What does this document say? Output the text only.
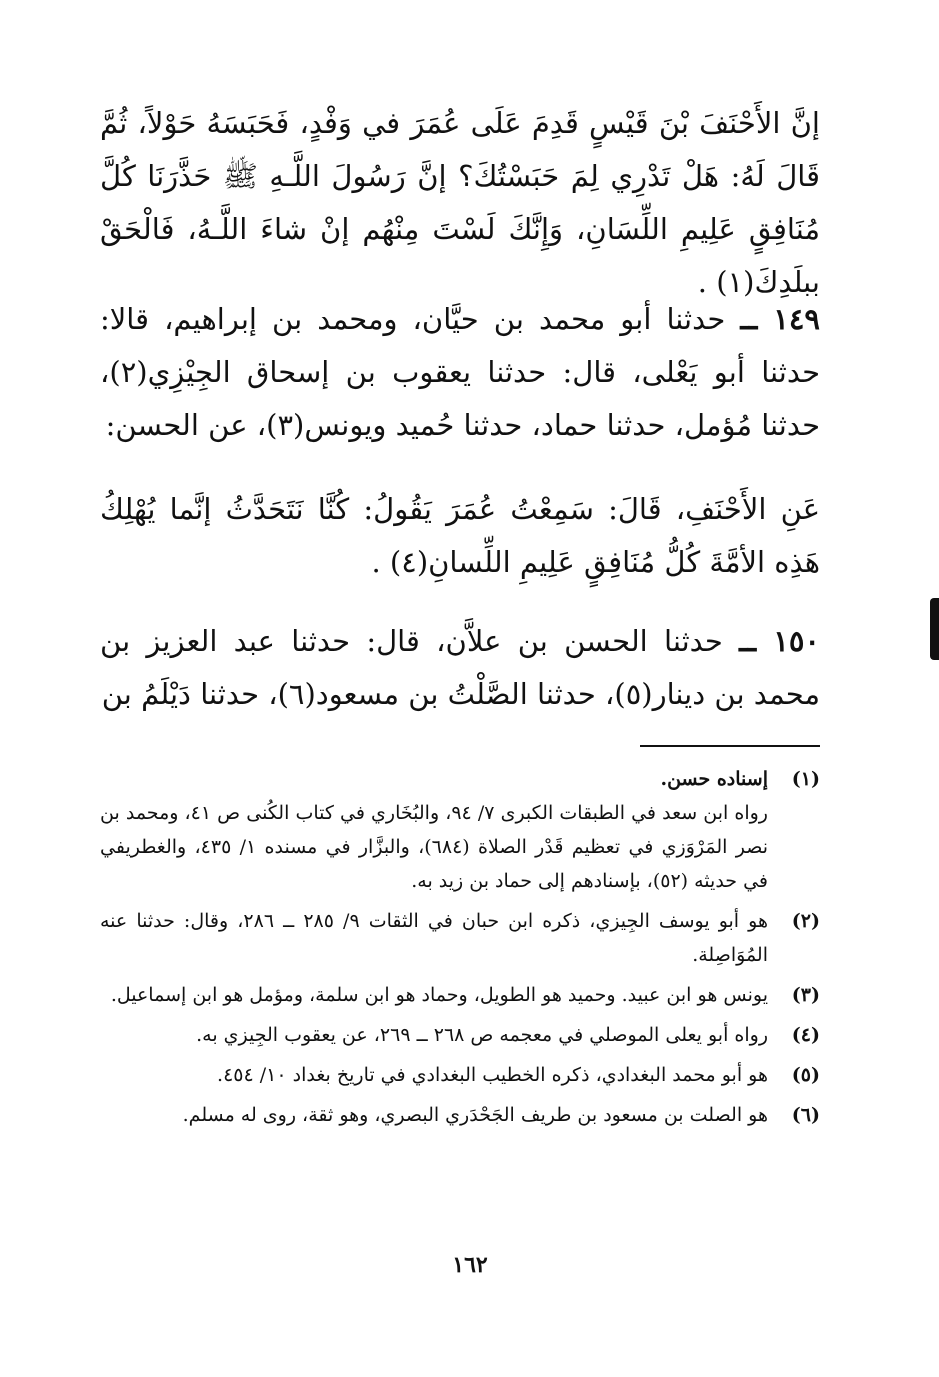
إنَّ الأَحْنَفَ بْنَ قَيْسٍ قَدِمَ عَلَى عُمَرَ في وَفْدٍ، فَحَبَسَهُ حَوْلاً، ثُمَّ قَالَ لَهُ: هَلْ تَدْرِي لِمَ حَبَسْتُكَ؟ إنَّ رَسُولَ اللَّـهِ ﷺ حَذَّرَنَا كُلَّ مُنَافِقٍ عَلِيمِ اللِّسَانِ، وَإِنَّكَ لَسْتَ مِنْهُم إنْ شاءَ اللَّـهُ، فَالْحَقْ ببلَدِكَ(١) .

١٤٩ ــ حدثنا أبو محمد بن حيَّان، ومحمد بن إبراهيم، قالا: حدثنا أبو يَعْلى، قال: حدثنا يعقوب بن إسحاق الجِيْزِي(٢)، حدثنا مُؤمل، حدثنا حماد، حدثنا حُميد ويونس(٣)، عن الحسن:

عَنِ الأَحْنَفِ، قَالَ: سَمِعْتُ عُمَرَ يَقُولُ: كُنَّا نَتَحَدَّثُ إنَّما يُهْلِكُ هَذِه الأمَّةَ كُلُّ مُنَافِقٍ عَلِيمِ اللِّسانِ(٤) .

١٥٠ ــ حدثنا الحسن بن علاَّن، قال: حدثنا عبد العزيز بن محمد بن دينار(٥)، حدثنا الصَّلْتُ بن مسعود(٦)، حدثنا دَيْلَمُ بن

(١)
إسناده حسن.
رواه ابن سعد في الطبقات الكبرى ٧/ ٩٤، والبُخَاري في كتاب الكُنى ص ٤١، ومحمد بن نصر المَرْوَزي في تعظيم قَدْر الصلاة (٦٨٤)، والبزَّار في مسنده ١/ ٤٣٥، والغطريفي في حديثه (٥٢)، بإسنادهم إلى حماد بن زيد به.
(٢)
هو أبو يوسف الجِيزي، ذكره ابن حبان في الثقات ٩/ ٢٨٥ ــ ٢٨٦، وقال: حدثنا عنه المُوَاصِلة.
(٣)
يونس هو ابن عبيد. وحميد هو الطويل، وحماد هو ابن سلمة، ومؤمل هو ابن إسماعيل.
(٤)
رواه أبو يعلى الموصلي في معجمه ص ٢٦٨ ــ ٢٦٩، عن يعقوب الجِيزي به.
(٥)
هو أبو محمد البغدادي، ذكره الخطيب البغدادي في تاريخ بغداد ١٠/ ٤٥٤.
(٦)
هو الصلت بن مسعود بن طريف الجَحْدَري البصري، وهو ثقة، روى له مسلم.
١٦٢
